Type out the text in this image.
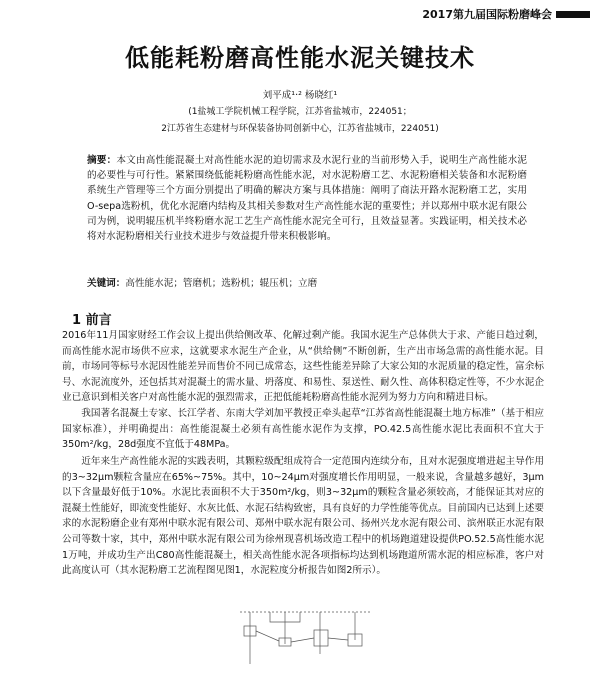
2017第九届国际粉磨峰会
低能耗粉磨高性能水泥关键技术
刘平成¹·² 杨晓红¹
(1盐城工学院机械工程学院，江苏省盐城市，224051；
2江苏省生态建材与环保装备协同创新中心，江苏省盐城市，224051)

摘要：本文由高性能混凝土对高性能水泥的迫切需求及水泥行业的当前形势入手，说明生产高性能水泥的必要性与可行性。紧紧围绕低能耗粉磨高性能水泥，对水泥粉磨工艺、水泥粉磨相关装备和水泥粉磨系统生产管理等三个方面分别提出了明确的解决方案与具体措施：阐明了商法开路水泥粉磨工艺，实用O-sepa选粉机，优化水泥磨内结构及其相关参数对生产高性能水泥的重要性；并以郑州中联水泥有限公司为例，说明辊压机半终粉磨水泥工艺生产高性能水泥完全可行，且效益显著。实践证明，相关技术必将对水泥粉磨相关行业技术进步与效益提升带来积极影响。

关键词：高性能水泥；管磨机；选粉机；辊压机；立磨

1 前言

2016年11月国家财经工作会议上提出供给侧改革、化解过剩产能。我国水泥生产总体供大于求、产能日趋过剩，而高性能水泥市场供不应求，这就要求水泥生产企业，从“供给侧”不断创新，生产出市场急需的高性能水泥。目前，市场同等标号水泥因性能差异而售价不同已成常态，这些性能差异除了大家公知的水泥质量的稳定性，富余标号、水泥流度外，还包括其对混凝土的需水量、坍落度、和易性、泵送性、耐久性、高体积稳定性等，不少水泥企业已意识到相关客户对高性能水泥的强烈需求，正把低能耗粉磨高性能水泥列为努力方向和精进目标。

我国著名混凝土专家、长江学者、东南大学刘加平教授正牵头起草“江苏省高性能混凝土地方标准”（基于相应国家标准），并明确提出：高性能混凝土必须有高性能水泥作为支撑，PO.42.5高性能水泥比表面积不宜大于350m²/kg，28d强度不宜低于48MPa。

近年来生产高性能水泥的实践表明，其颗粒级配组成符合一定范围内连续分布，且对水泥强度增进起主导作用的3~32μm颗粒含量应在65%~75%。其中，10~24μm对强度增长作用明显，一般来说，含量越多越好，3μm以下含量最好低于10%。水泥比表面积不大于350m²/kg，则3~32μm的颗粒含量必须较高，才能保证其对应的混凝土性能好，即流变性能好、水灰比低、水泥石结构致密，具有良好的力学性能等优点。目前国内已达到上述要求的水泥粉磨企业有郑州中联水泥有限公司、郑州中联水泥有限公司、扬州兴龙水泥有限公司、滨州联正水泥有限公司等数十家，其中，郑州中联水泥有限公司为徐州现喜机场改造工程中的机场跑道建设提供PO.52.5高性能水泥1万吨，并成功生产出C80高性能混凝土，相关高性能水泥各项指标均达到机场跑道所需水泥的相应标准，客户对此高度认可（其水泥粉磨工艺流程图见图1，水泥粒度分析报告如图2所示）。
